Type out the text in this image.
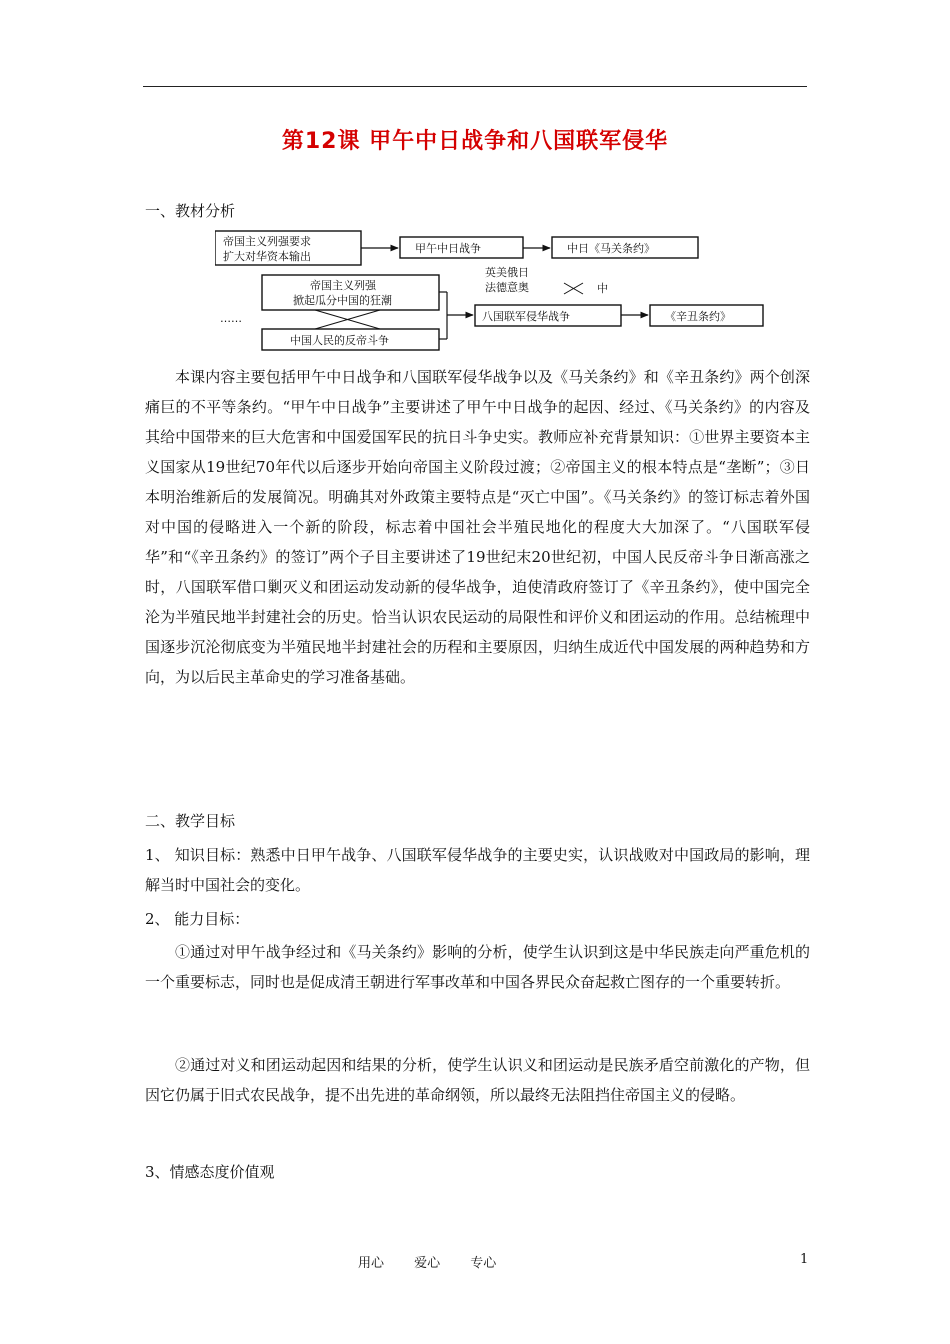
第12课 甲午中日战争和八国联军侵华
一、教材分析
帝国主义列强要求
扩大对华资本输出
甲午中日战争	中日《马关条约》
……
帝国主义列强
掀起瓜分中国的狂潮
中国人民的反帝斗争
英美俄日
法德意奥	中
八国联军侵华战争	《辛丑条约》

本课内容主要包括甲午中日战争和八国联军侵华战争以及《马关条约》和《辛丑条约》两个创深痛巨的不平等条约。“甲午中日战争”主要讲述了甲午中日战争的起因、经过、《马关条约》的内容及其给中国带来的巨大危害和中国爱国军民的抗日斗争史实。教师应补充背景知识：①世界主要资本主义国家从19世纪70年代以后逐步开始向帝国主义阶段过渡；②帝国主义的根本特点是“垄断”；③日本明治维新后的发展简况。明确其对外政策主要特点是“灭亡中国”。《马关条约》的签订标志着外国对中国的侵略进入一个新的阶段，标志着中国社会半殖民地化的程度大大加深了。“八国联军侵华”和“《辛丑条约》的签订”两个子目主要讲述了19世纪末20世纪初，中国人民反帝斗争日渐高涨之时，八国联军借口剿灭义和团运动发动新的侵华战争，迫使清政府签订了《辛丑条约》，使中国完全沦为半殖民地半封建社会的历史。恰当认识农民运动的局限性和评价义和团运动的作用。总结梳理中国逐步沉沦彻底变为半殖民地半封建社会的历程和主要原因，归纳生成近代中国发展的两种趋势和方向，为以后民主革命史的学习准备基础。

二、教学目标

1、 知识目标：熟悉中日甲午战争、八国联军侵华战争的主要史实，认识战败对中国政局的影响，理解当时中国社会的变化。

2、 能力目标：

①通过对甲午战争经过和《马关条约》影响的分析，使学生认识到这是中华民族走向严重危机的一个重要标志，同时也是促成清王朝进行军事改革和中国各界民众奋起救亡图存的一个重要转折。

②通过对义和团运动起因和结果的分析，使学生认识义和团运动是民族矛盾空前激化的产物，但因它仍属于旧式农民战争，提不出先进的革命纲领，所以最终无法阻挡住帝国主义的侵略。

3、情感态度价值观

用心 爱心 专心	1
